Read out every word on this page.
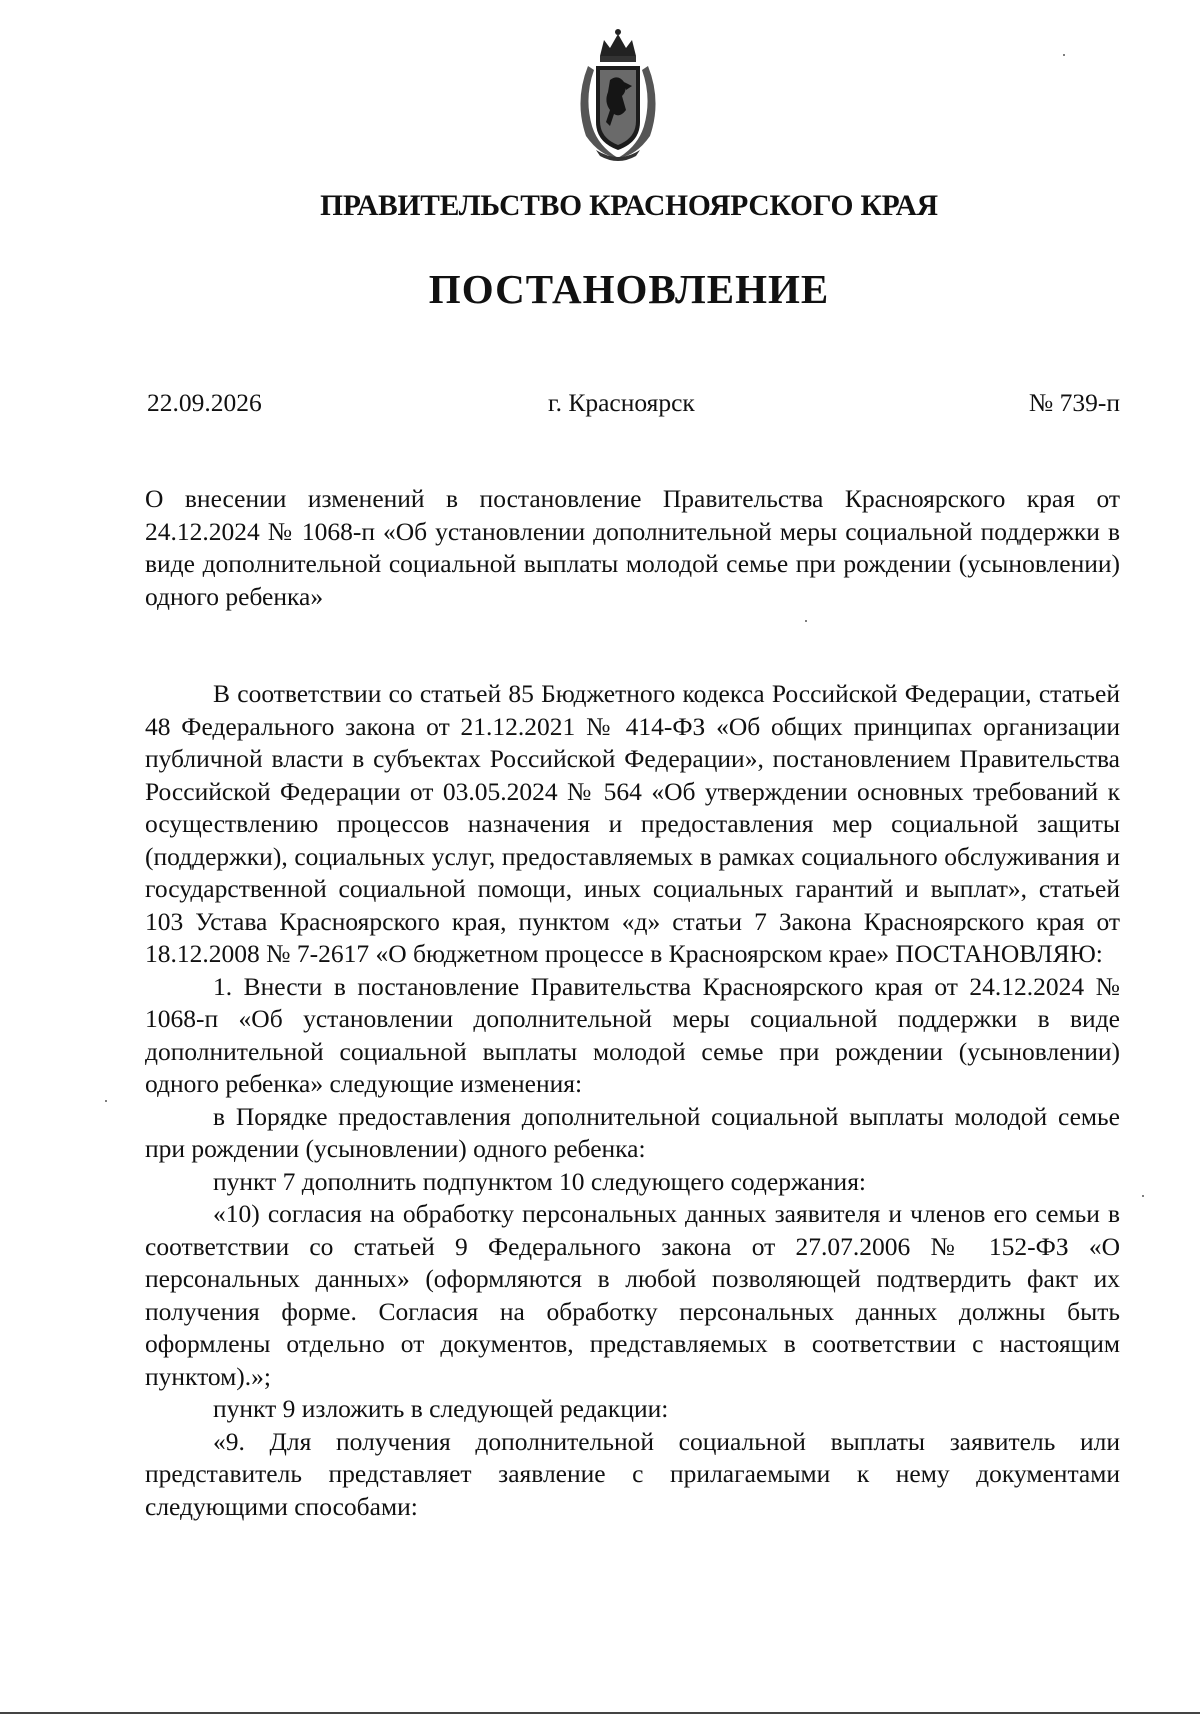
ПРАВИТЕЛЬСТВО КРАСНОЯРСКОГО КРАЯ
ПОСТАНОВЛЕНИЕ
22.09.2026	г. Красноярск	№ 739-п
О внесении изменений в постановление Правительства Красноярского края от 24.12.2024 № 1068-п «Об установлении дополнительной меры социальной поддержки в виде дополнительной социальной выплаты молодой семье при рождении (усыновлении) одного ребенка»

В соответствии со статьей 85 Бюджетного кодекса Российской Федерации, статьей 48 Федерального закона от 21.12.2021 № 414-ФЗ «Об общих принципах организации публичной власти в субъектах Российской Федерации», постановлением Правительства Российской Федерации от 03.05.2024 № 564 «Об утверждении основных требований к осуществлению процессов назначения и предоставления мер социальной защиты (поддержки), социальных услуг, предоставляемых в рамках социального обслуживания и государственной социальной помощи, иных социальных гарантий и выплат», статьей 103 Устава Красноярского края, пунктом «д» статьи 7 Закона Красноярского края от 18.12.2008 № 7-2617 «О бюджетном процессе в Красноярском крае» ПОСТАНОВЛЯЮ:

1. Внести в постановление Правительства Красноярского края от 24.12.2024 № 1068-п «Об установлении дополнительной меры социальной поддержки в виде дополнительной социальной выплаты молодой семье при рождении (усыновлении) одного ребенка» следующие изменения:

в Порядке предоставления дополнительной социальной выплаты молодой семье при рождении (усыновлении) одного ребенка:

пункт 7 дополнить подпунктом 10 следующего содержания:

«10) согласия на обработку персональных данных заявителя и членов его семьи в соответствии со статьей 9 Федерального закона от 27.07.2006 № 152-ФЗ «О персональных данных» (оформляются в любой позволяющей подтвердить факт их получения форме. Согласия на обработку персональных данных должны быть оформлены отдельно от документов, представляемых в соответствии с настоящим пунктом).»;

пункт 9 изложить в следующей редакции:

«9. Для получения дополнительной социальной выплаты заявитель или представитель представляет заявление с прилагаемыми к нему документами следующими способами:
